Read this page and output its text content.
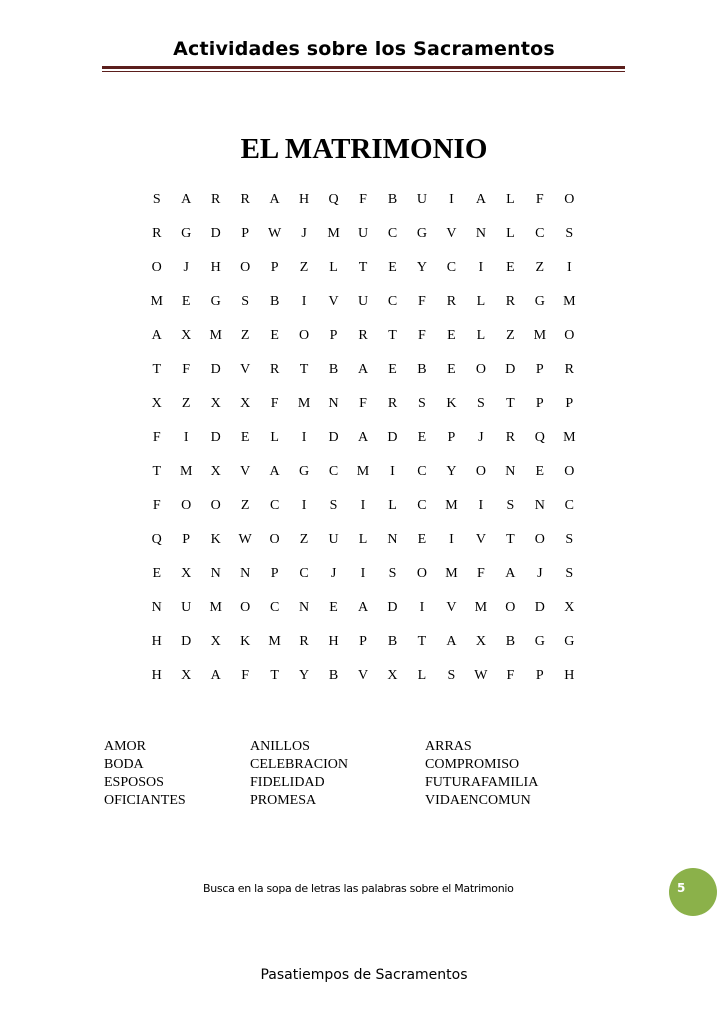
Actividades sobre los Sacramentos
EL MATRIMONIO
S	A	R	R	A	H	Q	F	B	U	I	A	L	F	O
R	G	D	P	W	J	M	U	C	G	V	N	L	C	S
O	J	H	O	P	Z	L	T	E	Y	C	I	E	Z	I
M	E	G	S	B	I	V	U	C	F	R	L	R	G	M
A	X	M	Z	E	O	P	R	T	F	E	L	Z	M	O
T	F	D	V	R	T	B	A	E	B	E	O	D	P	R
X	Z	X	X	F	M	N	F	R	S	K	S	T	P	P
F	I	D	E	L	I	D	A	D	E	P	J	R	Q	M
T	M	X	V	A	G	C	M	I	C	Y	O	N	E	O
F	O	O	Z	C	I	S	I	L	C	M	I	S	N	C
Q	P	K	W	O	Z	U	L	N	E	I	V	T	O	S
E	X	N	N	P	C	J	I	S	O	M	F	A	J	S
N	U	M	O	C	N	E	A	D	I	V	M	O	D	X
H	D	X	K	M	R	H	P	B	T	A	X	B	G	G
H	X	A	F	T	Y	B	V	X	L	S	W	F	P	H
AMOR
BODA
ESPOSOS
OFICIANTES
ANILLOS
CELEBRACION
FIDELIDAD
PROMESA
ARRAS
COMPROMISO
FUTURAFAMILIA
VIDAENCOMUN
Busca en la sopa de letras las palabras sobre el Matrimonio	5
Pasatiempos de Sacramentos
